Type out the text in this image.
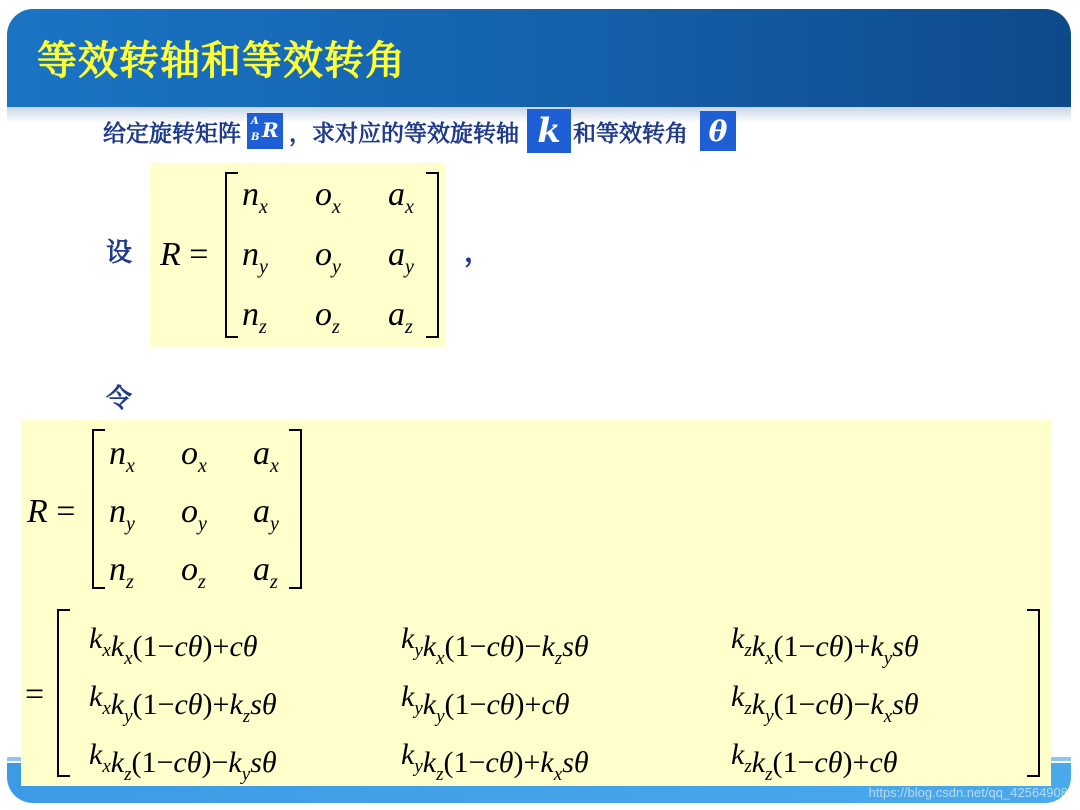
等效转轴和等效转角
给定旋转矩阵 A
B R ，求对应的等效旋转轴 k 和等效转角 θ
设
令
，
R =
$n_x$ $o_x$ $a_x$
$n_y$ $o_y$ $a_y$
$n_z$ $o_z$ $a_z$
R =
$n_x$ $o_x$ $a_x$
$n_y$ $o_y$ $a_y$
$n_z$ $o_z$ $a_z$
=
$k_xk_x(1-c\theta)+c\theta$	$k_yk_x(1-c\theta)-k_zs\theta$	$k_zk_x(1-c\theta)+k_ys\theta$
$k_xk_y(1-c\theta)+k_zs\theta$	$k_yk_y(1-c\theta)+c\theta$	$k_zk_y(1-c\theta)-k_xs\theta$
$k_xk_z(1-c\theta)-k_ys\theta$	$k_yk_z(1-c\theta)+k_xs\theta$	$k_zk_z(1-c\theta)+c\theta$
https://blog.csdn.net/qq_42564908
